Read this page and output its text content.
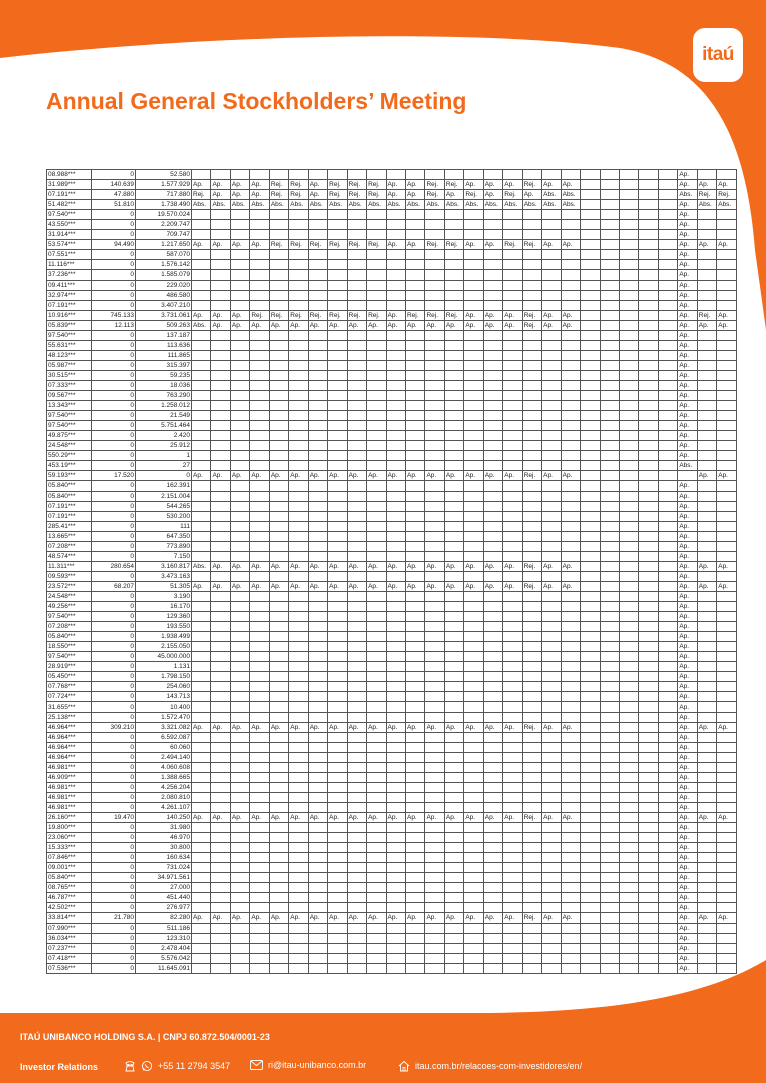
itaú
Annual General Stockholders’ Meeting
08.988***	0	52.580																										Ap.		
31.989***	140.639	1.577.929	Ap.	Ap.	Ap.	Ap.	Rej.	Rej.	Ap.	Rej.	Rej.	Rej.	Ap.	Ap.	Rej.	Rej.	Ap.	Ap.	Ap.	Rej.	Ap.	Ap.						Ap.	Ap.	Ap.
07.191***	47.880	717.880	Rej.	Ap.	Ap.	Ap.	Rej.	Rej.	Ap.	Rej.	Rej.	Rej.	Ap.	Ap.	Rej.	Ap.	Rej.	Ap.	Rej.	Ap.	Abs.	Abs.						Abs.	Rej.	Rej.
51.482***	51.810	1.738.490	Abs.	Abs.	Abs.	Abs.	Abs.	Abs.	Abs.	Abs.	Abs.	Abs.	Abs.	Abs.	Abs.	Abs.	Abs.	Abs.	Abs.	Abs.	Abs.	Abs.						Ap.	Abs.	Abs.
97.540***	0	19.570.024																										Ap.		
43.550***	0	2.209.747																										Ap.		
31.914***	0	709.747																										Ap.		
53.574***	94.490	1.217.650	Ap.	Ap.	Ap.	Ap.	Rej.	Rej.	Rej.	Rej.	Rej.	Rej.	Ap.	Ap.	Rej.	Rej.	Ap.	Ap.	Rej.	Rej.	Ap.	Ap.						Ap.	Ap.	Ap.
07.551***	0	587.070																										Ap.		
11.116***	0	1.576.142																										Ap.		
37.236***	0	1.585.079																										Ap.		
09.411***	0	229.020																										Ap.		
32.974***	0	486.580																										Ap.		
07.191***	0	3.407.210																										Ap.		
10.916***	745.133	3.731.061	Ap.	Ap.	Ap.	Rej.	Rej.	Rej.	Rej.	Rej.	Rej.	Rej.	Ap.	Rej.	Rej.	Rej.	Ap.	Ap.	Ap.	Rej.	Ap.	Ap.						Ap.	Rej.	Ap.
05.839***	12.113	509.263	Abs.	Ap.	Ap.	Ap.	Ap.	Ap.	Ap.	Ap.	Ap.	Ap.	Ap.	Ap.	Ap.	Ap.	Ap.	Ap.	Ap.	Rej.	Ap.	Ap.						Ap.	Ap.	Ap.
97.540***	0	137.187																										Ap.		
55.631***	0	113.636																										Ap.		
48.123***	0	111.865																										Ap.		
05.987***	0	315.397																										Ap.		
30.515***	0	59.235																										Ap.		
07.333***	0	18.036																										Ap.		
09.567***	0	763.290																										Ap.		
13.343***	0	1.258.012																										Ap.		
97.540***	0	21.549																										Ap.		
97.540***	0	5.751.464																										Ap.		
49.875***	0	2.420																										Ap.		
24.548***	0	25.912																										Ap.		
550.29***	0	1																										Ap.		
453.19***	0	27																										Abs.		
59.193***	17.520	0	Ap.	Ap.	Ap.	Ap.	Ap.	Ap.	Ap.	Ap.	Ap.	Ap.	Ap.	Ap.	Ap.	Ap.	Ap.	Ap.	Ap.	Rej.	Ap.	Ap.							Ap.	Ap.
05.840***	0	162.391																										Ap.		
05.840***	0	2.151.004																										Ap.		
07.191***	0	544.265																										Ap.		
07.191***	0	530.200																										Ap.		
285.41***	0	111																										Ap.		
13.665***	0	647.350																										Ap.		
07.208***	0	773.890																										Ap.		
48.574***	0	7.150																										Ap.		
11.311***	280.654	3.160.817	Abs.	Ap.	Ap.	Ap.	Ap.	Ap.	Ap.	Ap.	Ap.	Ap.	Ap.	Ap.	Ap.	Ap.	Ap.	Ap.	Ap.	Rej.	Ap.	Ap.						Ap.	Ap.	Ap.
09.593***	0	3.473.163																										Ap.		
23.572***	68.207	51.305	Ap.	Ap.	Ap.	Ap.	Ap.	Ap.	Ap.	Ap.	Ap.	Ap.	Ap.	Ap.	Ap.	Ap.	Ap.	Ap.	Ap.	Rej.	Ap.	Ap.						Ap.	Ap.	Ap.
24.548***	0	3.190																										Ap.		
49.256***	0	16.170																										Ap.		
97.540***	0	129.360																										Ap.		
07.208***	0	193.550																										Ap.		
05.840***	0	1.938.499																										Ap.		
18.550***	0	2.155.050																										Ap.		
97.540***	0	45.000.000																										Ap.		
28.919***	0	1.131																										Ap.		
05.450***	0	1.798.150																										Ap.		
07.768***	0	254.060																										Ap.		
07.724***	0	143.713																										Ap.		
31.655***	0	10.400																										Ap.		
25.138***	0	1.572.470																										Ap.		
46.964***	309.210	3.321.082	Ap.	Ap.	Ap.	Ap.	Ap.	Ap.	Ap.	Ap.	Ap.	Ap.	Ap.	Ap.	Ap.	Ap.	Ap.	Ap.	Ap.	Rej.	Ap.	Ap.						Ap.	Ap.	Ap.
46.964***	0	6.592.087																										Ap.		
46.964***	0	60.060																										Ap.		
46.964***	0	2.494.140																										Ap.		
46.981***	0	4.060.608																										Ap.		
46.909***	0	1.388.665																										Ap.		
46.981***	0	4.256.204																										Ap.		
46.981***	0	2.080.810																										Ap.		
46.981***	0	4.261.107																										Ap.		
26.160***	19.470	140.250	Ap.	Ap.	Ap.	Ap.	Ap.	Ap.	Ap.	Ap.	Ap.	Ap.	Ap.	Ap.	Ap.	Ap.	Ap.	Ap.	Ap.	Rej.	Ap.	Ap.						Ap.	Ap.	Ap.
19.800***	0	31.980																										Ap.		
23.060***	0	46.970																										Ap.		
15.333***	0	30.800																										Ap.		
07.846***	0	160.634																										Ap.		
09.001***	0	731.024																										Ap.		
05.840***	0	34.971.561																										Ap.		
08.765***	0	27.000																										Ap.		
46.787***	0	451.440																										Ap.		
42.502***	0	276.977																										Ap.		
33.814***	21.780	82.280	Ap.	Ap.	Ap.	Ap.	Ap.	Ap.	Ap.	Ap.	Ap.	Ap.	Ap.	Ap.	Ap.	Ap.	Ap.	Ap.	Ap.	Rej.	Ap.	Ap.						Ap.	Ap.	Ap.
07.990***	0	511.186																										Ap.		
36.034***	0	123.310																										Ap.		
07.237***	0	2.478.404																										Ap.		
07.418***	0	5.576.042																										Ap.		
07.536***	0	11.645.091																										Ap.		
ITAÚ UNIBANCO HOLDING S.A. | CNPJ 60.872.504/0001-23
Investor Relations	+55 11 2794 3547	ri@itau-unibanco.com.br	itau.com.br/relacoes-com-investidores/en/
